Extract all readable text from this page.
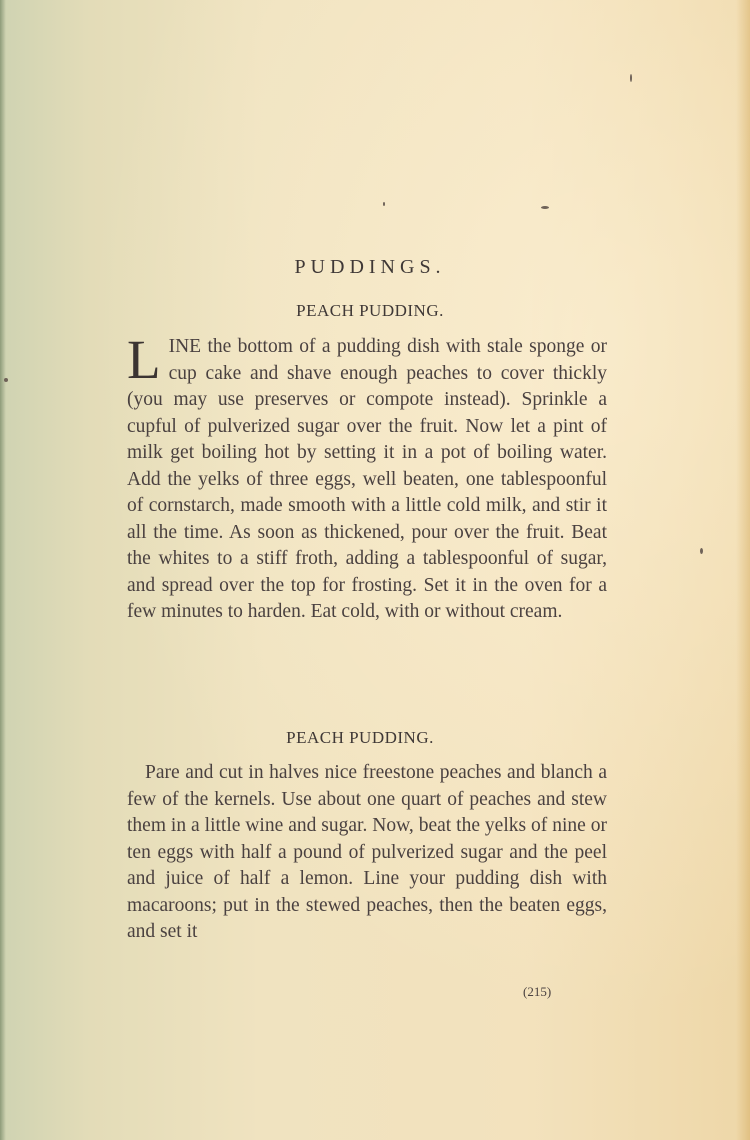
PUDDINGS.
PEACH PUDDING.
L INE the bottom of a pudding dish with stale sponge or cup cake and shave enough peaches to cover thickly (you may use preserves or compote instead). Sprinkle a cupful of pulverized sugar over the fruit. Now let a pint of milk get boiling hot by setting it in a pot of boiling water. Add the yelks of three eggs, well beaten, one tablespoonful of cornstarch, made smooth with a little cold milk, and stir it all the time. As soon as thickened, pour over the fruit. Beat the whites to a stiff froth, adding a tablespoonful of sugar, and spread over the top for frosting. Set it in the oven for a few minutes to harden. Eat cold, with or without cream.
PEACH PUDDING.
Pare and cut in halves nice freestone peaches and blanch a few of the kernels. Use about one quart of peaches and stew them in a little wine and sugar. Now, beat the yelks of nine or ten eggs with half a pound of pulverized sugar and the peel and juice of half a lemon. Line your pudding dish with macaroons; put in the stewed peaches, then the beaten eggs, and set it
(215)
